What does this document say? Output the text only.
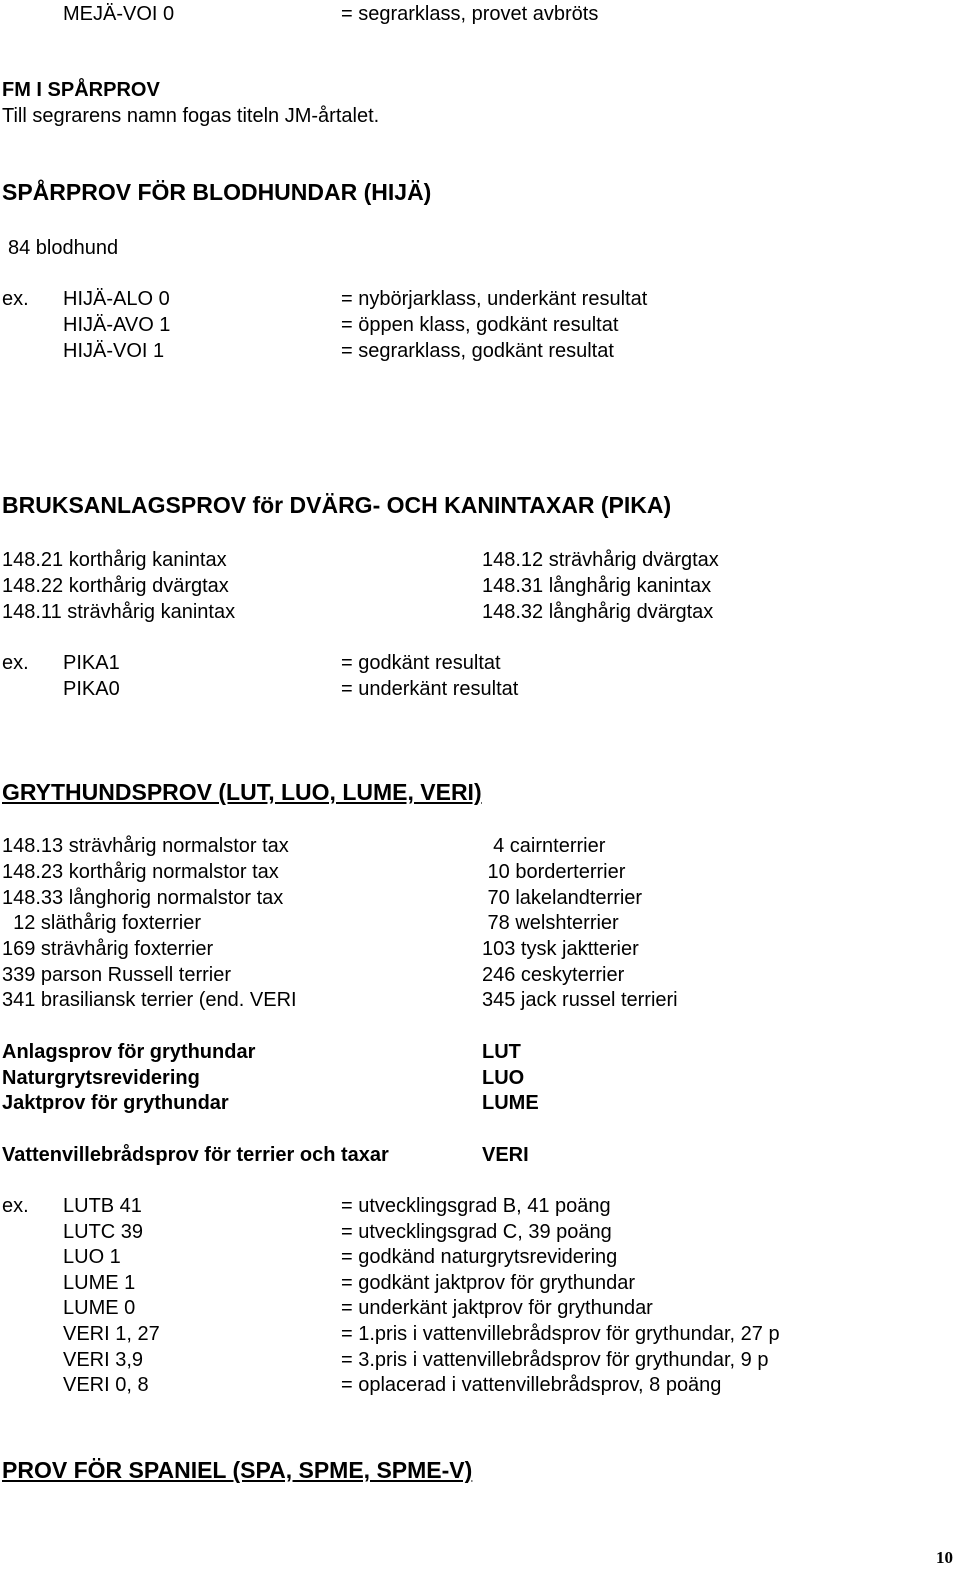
MEJÄ-VOI 0	= segrarklass, provet avbröts
FM I SPÅRPROV
Till segrarens namn fogas titeln JM-årtalet.
SPÅRPROV FÖR BLODHUNDAR (HIJÄ)
84 blodhund
ex. HIJÄ-ALO 0	= nybörjarklass, underkänt resultat
HIJÄ-AVO 1	= öppen klass, godkänt resultat
HIJÄ-VOI 1	= segrarklass, godkänt resultat
BRUKSANLAGSPROV för DVÄRG- OCH KANINTAXAR (PIKA)
148.21 korthårig kanintax	148.12 strävhårig dvärgtax
148.22 korthårig dvärgtax	148.31 långhårig kanintax
148.11 strävhårig kanintax	148.32 långhårig dvärgtax
ex. PIKA1	= godkänt resultat
PIKA0	= underkänt resultat
GRYTHUNDSPROV (LUT, LUO, LUME, VERI)
148.13 strävhårig normalstor tax	4 cairnterrier
148.23 korthårig normalstor tax	10 borderterrier
148.33 långhorig normalstor tax	70 lakelandterrier
12 släthårig foxterrier	78 welshterrier
169 strävhårig foxterrier	103 tysk jaktterier
339 parson Russell terrier	246 ceskyterrier
341 brasiliansk terrier (end. VERI	345 jack russel terrieri
Anlagsprov för grythundar	LUT
Naturgrytsrevidering	LUO
Jaktprov för grythundar	LUME
Vattenvillebrådsprov för terrier och taxar	VERI
ex. LUTB 41	= utvecklingsgrad B, 41 poäng
LUTC 39	= utvecklingsgrad C, 39 poäng
LUO 1	= godkänd naturgrytsrevidering
LUME 1	= godkänt jaktprov för grythundar
LUME 0	= underkänt jaktprov för grythundar
VERI 1, 27	= 1.pris i vattenvillebrådsprov för grythundar, 27 p
VERI 3,9	= 3.pris i vattenvillebrådsprov för grythundar, 9 p
VERI 0, 8	= oplacerad i vattenvillebrådsprov, 8 poäng
PROV FÖR SPANIEL (SPA, SPME, SPME-V)
10
